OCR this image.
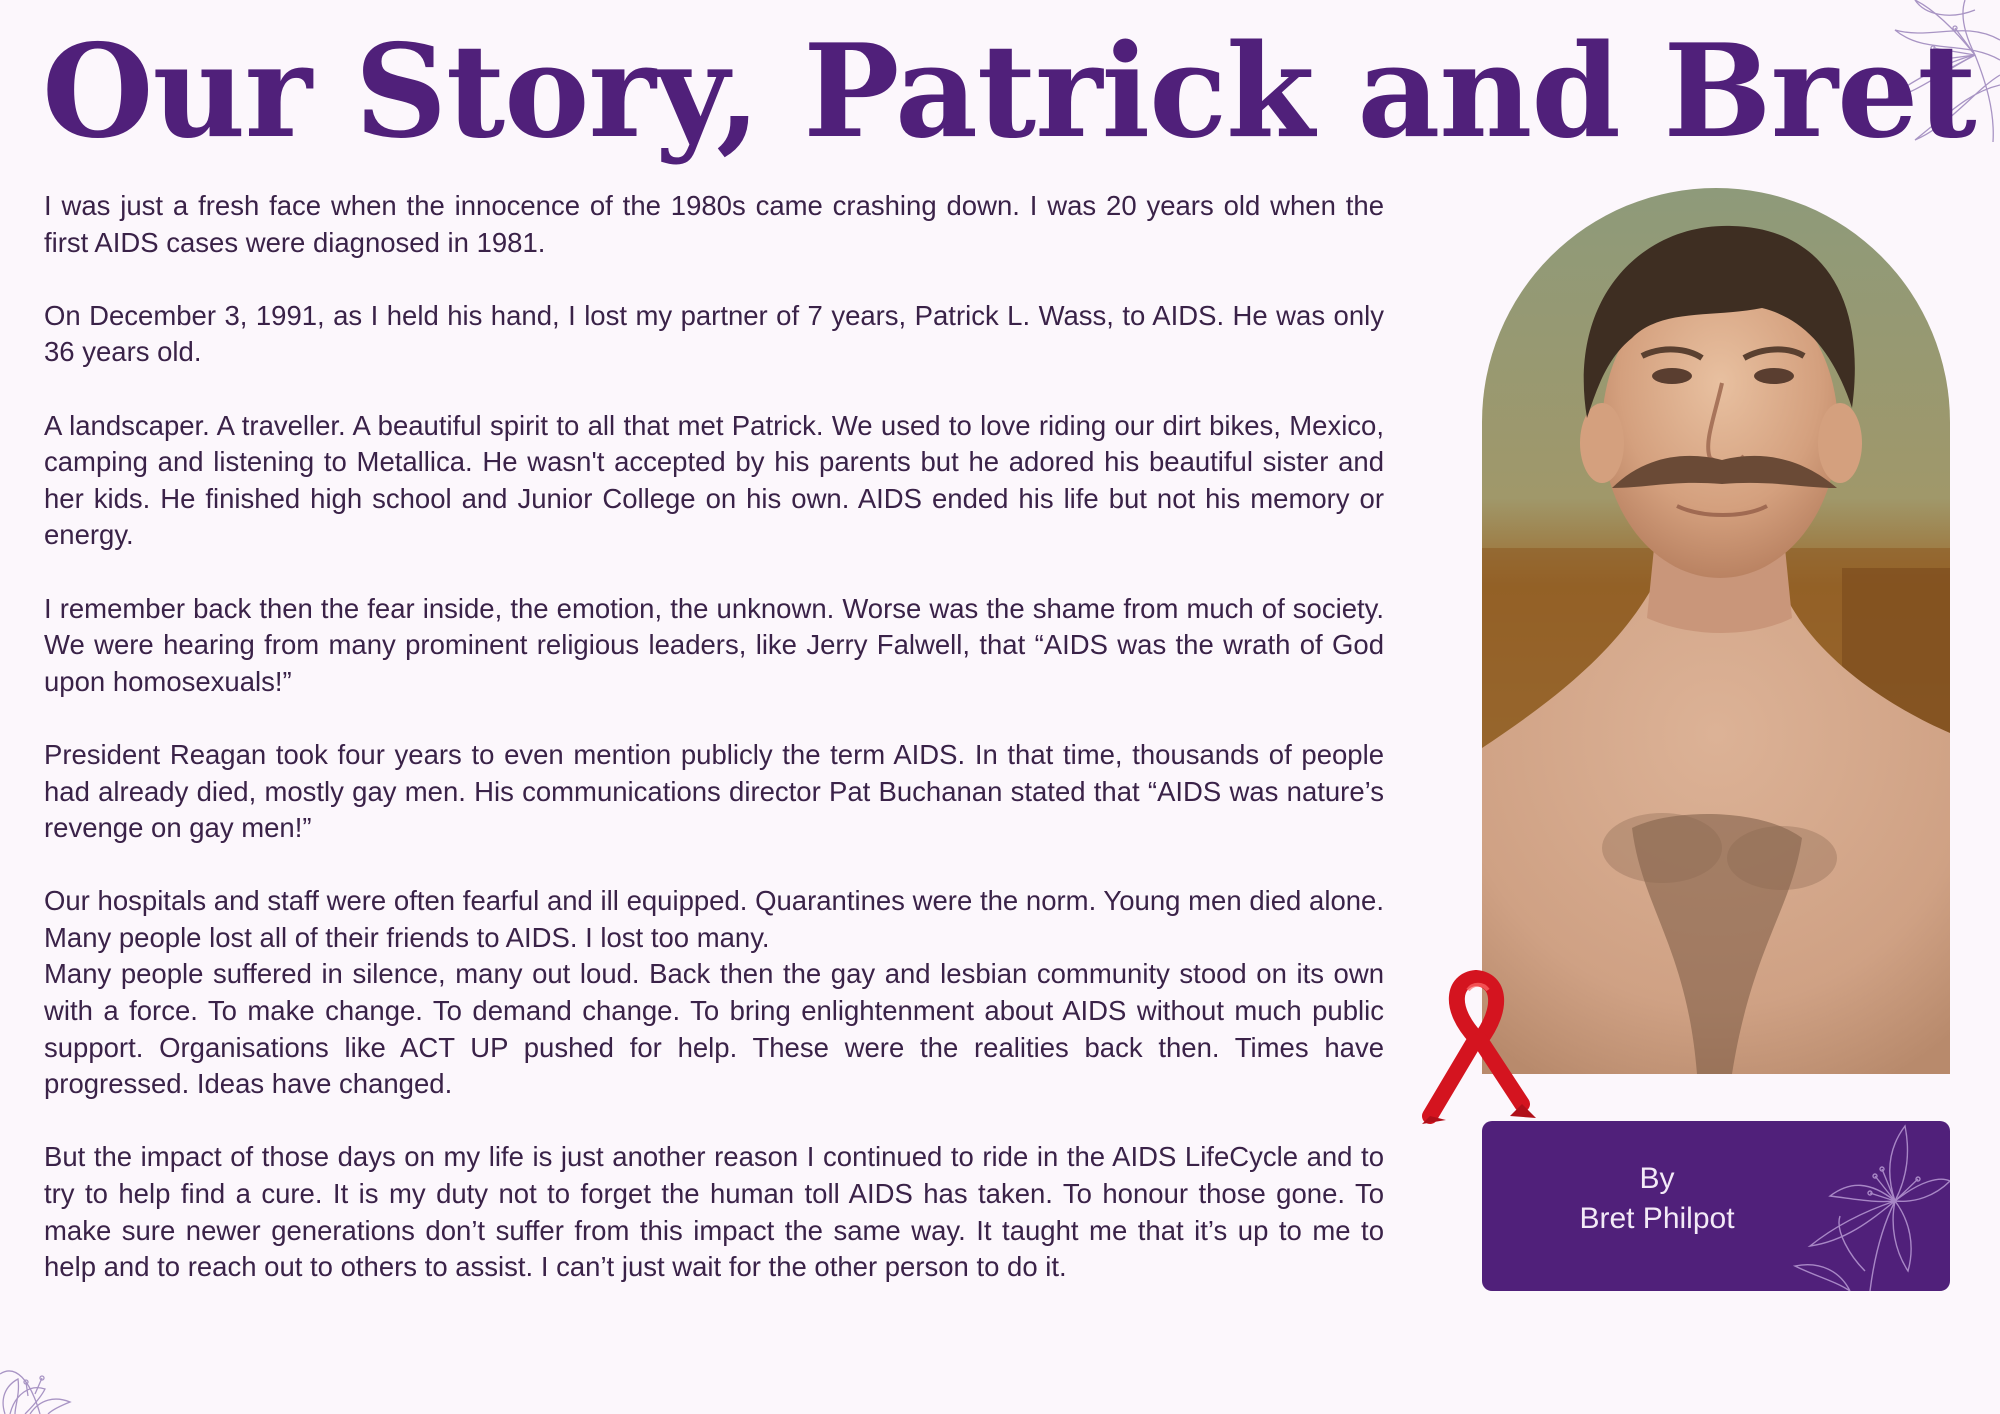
Our Story, Patrick and Bret

I was just a fresh face when the innocence of the 1980s came crashing down. I was 20 years old when the first AIDS cases were diagnosed in 1981.

On December 3, 1991, as I held his hand, I lost my partner of 7 years, Patrick L. Wass, to AIDS. He was only 36 years old.

A landscaper. A traveller. A beautiful spirit to all that met Patrick. We used to love riding our dirt bikes, Mexico, camping and listening to Metallica. He wasn't accepted by his parents but he adored his beautiful sister and her kids. He finished high school and Junior College on his own. AIDS ended his life but not his memory or energy.

I remember back then the fear inside, the emotion, the unknown. Worse was the shame from much of society. We were hearing from many prominent religious leaders, like Jerry Falwell, that “AIDS was the wrath of God upon homosexuals!”

President Reagan took four years to even mention publicly the term AIDS. In that time, thousands of people had already died, mostly gay men. His communications director Pat Buchanan stated that “AIDS was nature’s revenge on gay men!”

Our hospitals and staff were often fearful and ill equipped. Quarantines were the norm. Young men died alone. Many people lost all of their friends to AIDS. I lost too many.

Many people suffered in silence, many out loud. Back then the gay and lesbian community stood on its own with a force. To make change. To demand change. To bring enlightenment about AIDS without much public support. Organisations like ACT UP pushed for help. These were the realities back then. Times have progressed. Ideas have changed.

But the impact of those days on my life is just another reason I continued to ride in the AIDS LifeCycle and to try to help find a cure. It is my duty not to forget the human toll AIDS has taken. To honour those gone. To make sure newer generations don’t suffer from this impact the same way. It taught me that it’s up to me to help and to reach out to others to assist. I can’t just wait for the other person to do it.

By
Bret Philpot
